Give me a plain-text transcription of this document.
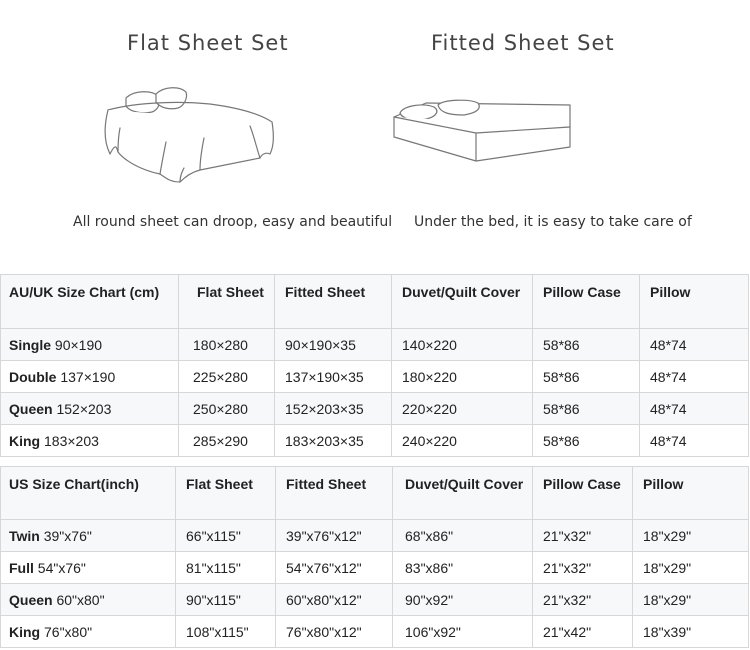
Flat Sheet Set	Fitted Sheet Set
All round sheet can droop, easy and beautiful Under the bed, it is easy to take care of
AU/UK Size Chart (cm)	Flat Sheet	Fitted Sheet	Duvet/Quilt Cover	Pillow Case	Pillow
Single 90×190	180×280	90×190×35	140×220	58*86	48*74
Double 137×190	225×280	137×190×35	180×220	58*86	48*74
Queen 152×203	250×280	152×203×35	220×220	58*86	48*74
King 183×203	285×290	183×203×35	240×220	58*86	48*74
US Size Chart(inch)	Flat Sheet	Fitted Sheet	Duvet/Quilt Cover	Pillow Case	Pillow
Twin 39"x76"	66"x115"	39"x76"x12"	68"x86"	21"x32"	18"x29"
Full 54"x76"	81"x115"	54"x76"x12"	83"x86"	21"x32"	18"x29"
Queen 60"x80"	90"x115"	60"x80"x12"	90"x92"	21"x32"	18"x29"
King 76"x80"	108"x115"	76"x80"x12"	106"x92"	21"x42"	18"x39"
